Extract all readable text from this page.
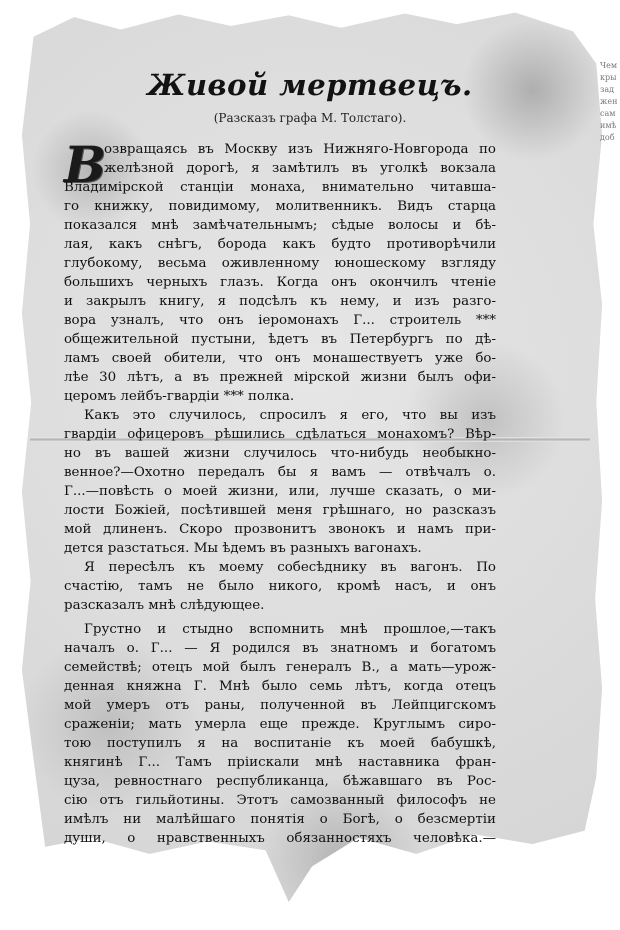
Чем
кры
зад
жен
сам
имѣ
доб
Живой мертвецъ.
(Разсказъ графа М. Толстаго).
В
озвращаясь въ Москву изъ Нижняго-Новгорода по
желѣзной дорогѣ, я замѣтилъ въ уголкѣ вокзала
Владимірской станціи монаха, внимательно читавша-
го книжку, повидимому, молитвенникъ. Видъ старца
показался мнѣ замѣчательнымъ; сѣдые волосы и бѣ-
лая, какъ снѣгъ, борода какъ будто противорѣчили
глубокому, весьма оживленному юношескому взгляду
большихъ черныхъ глазъ. Когда онъ окончилъ чтеніе
и закрылъ книгу, я подсѣлъ къ нему, и изъ разго-
вора узналъ, что онъ іеромонахъ Г... строитель ***
общежительной пустыни, ѣдетъ въ Петербургъ по дѣ-
ламъ своей обители, что онъ монашествуетъ уже бо-
лѣе 30 лѣтъ, а въ прежней мірской жизни былъ офи-
церомъ лейбъ-гвардіи *** полка.
Какъ это случилось, спросилъ я его, что вы изъ
гвардіи офицеровъ рѣшились сдѣлаться монахомъ? Вѣр-
но въ вашей жизни случилось что-нибудь необыкно-
венное?—Охотно передалъ бы я вамъ — отвѣчалъ о.
Г...—повѣсть о моей жизни, или, лучше сказать, о ми-
лости Божіей, посѣтившей меня грѣшнаго, но разсказъ
мой длиненъ. Скоро прозвонитъ звонокъ и намъ при-
дется разстаться. Мы ѣдемъ въ разныхъ вагонахъ.
Я пересѣлъ къ моему собесѣднику въ вагонъ. По
счастію, тамъ не было никого, кромѣ насъ, и онъ
разсказалъ мнѣ слѣдующее.
Грустно и стыдно вспомнить мнѣ прошлое,—такъ
началъ о. Г... — Я родился въ знатномъ и богатомъ
семействѣ; отецъ мой былъ генералъ В., а мать—урож-
денная княжна Г. Мнѣ было семь лѣтъ, когда отецъ
мой умеръ отъ раны, полученной въ Лейпцигскомъ
сраженіи; мать умерла еще прежде. Круглымъ сиро-
тою поступилъ я на воспитаніе къ моей бабушкѣ,
княгинѣ Г... Тамъ пріискали мнѣ наставника фран-
цуза, ревностнаго республиканца, бѣжавшаго въ Рос-
сію отъ гильйотины. Этотъ самозванный философъ не
имѣлъ ни малѣйшаго понятія о Богѣ, о безсмертіи
души, о нравственныхъ обязанностяхъ человѣка.—
